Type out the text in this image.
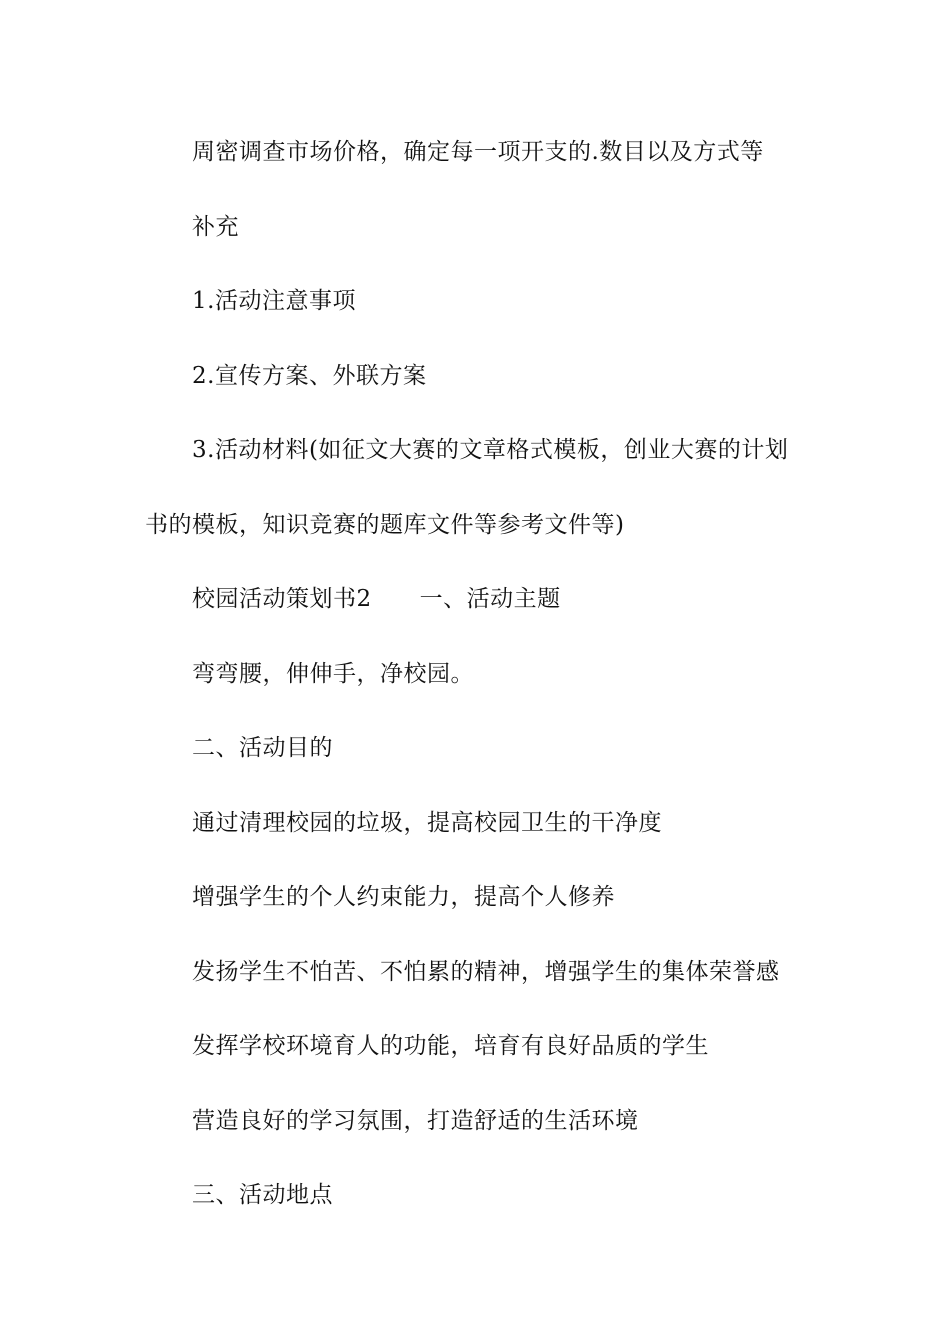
周密调查市场价格，确定每一项开支的.数目以及方式等
补充
1.活动注意事项
2.宣传方案、外联方案
3.活动材料(如征文大赛的文章格式模板，创业大赛的计划
书的模板，知识竞赛的题库文件等参考文件等)
校园活动策划书2 一、活动主题
弯弯腰，伸伸手，净校园。
二、活动目的
通过清理校园的垃圾，提高校园卫生的干净度
增强学生的个人约束能力，提高个人修养
发扬学生不怕苦、不怕累的精神，增强学生的集体荣誉感
发挥学校环境育人的功能，培育有良好品质的学生
营造良好的学习氛围，打造舒适的生活环境
三、活动地点
